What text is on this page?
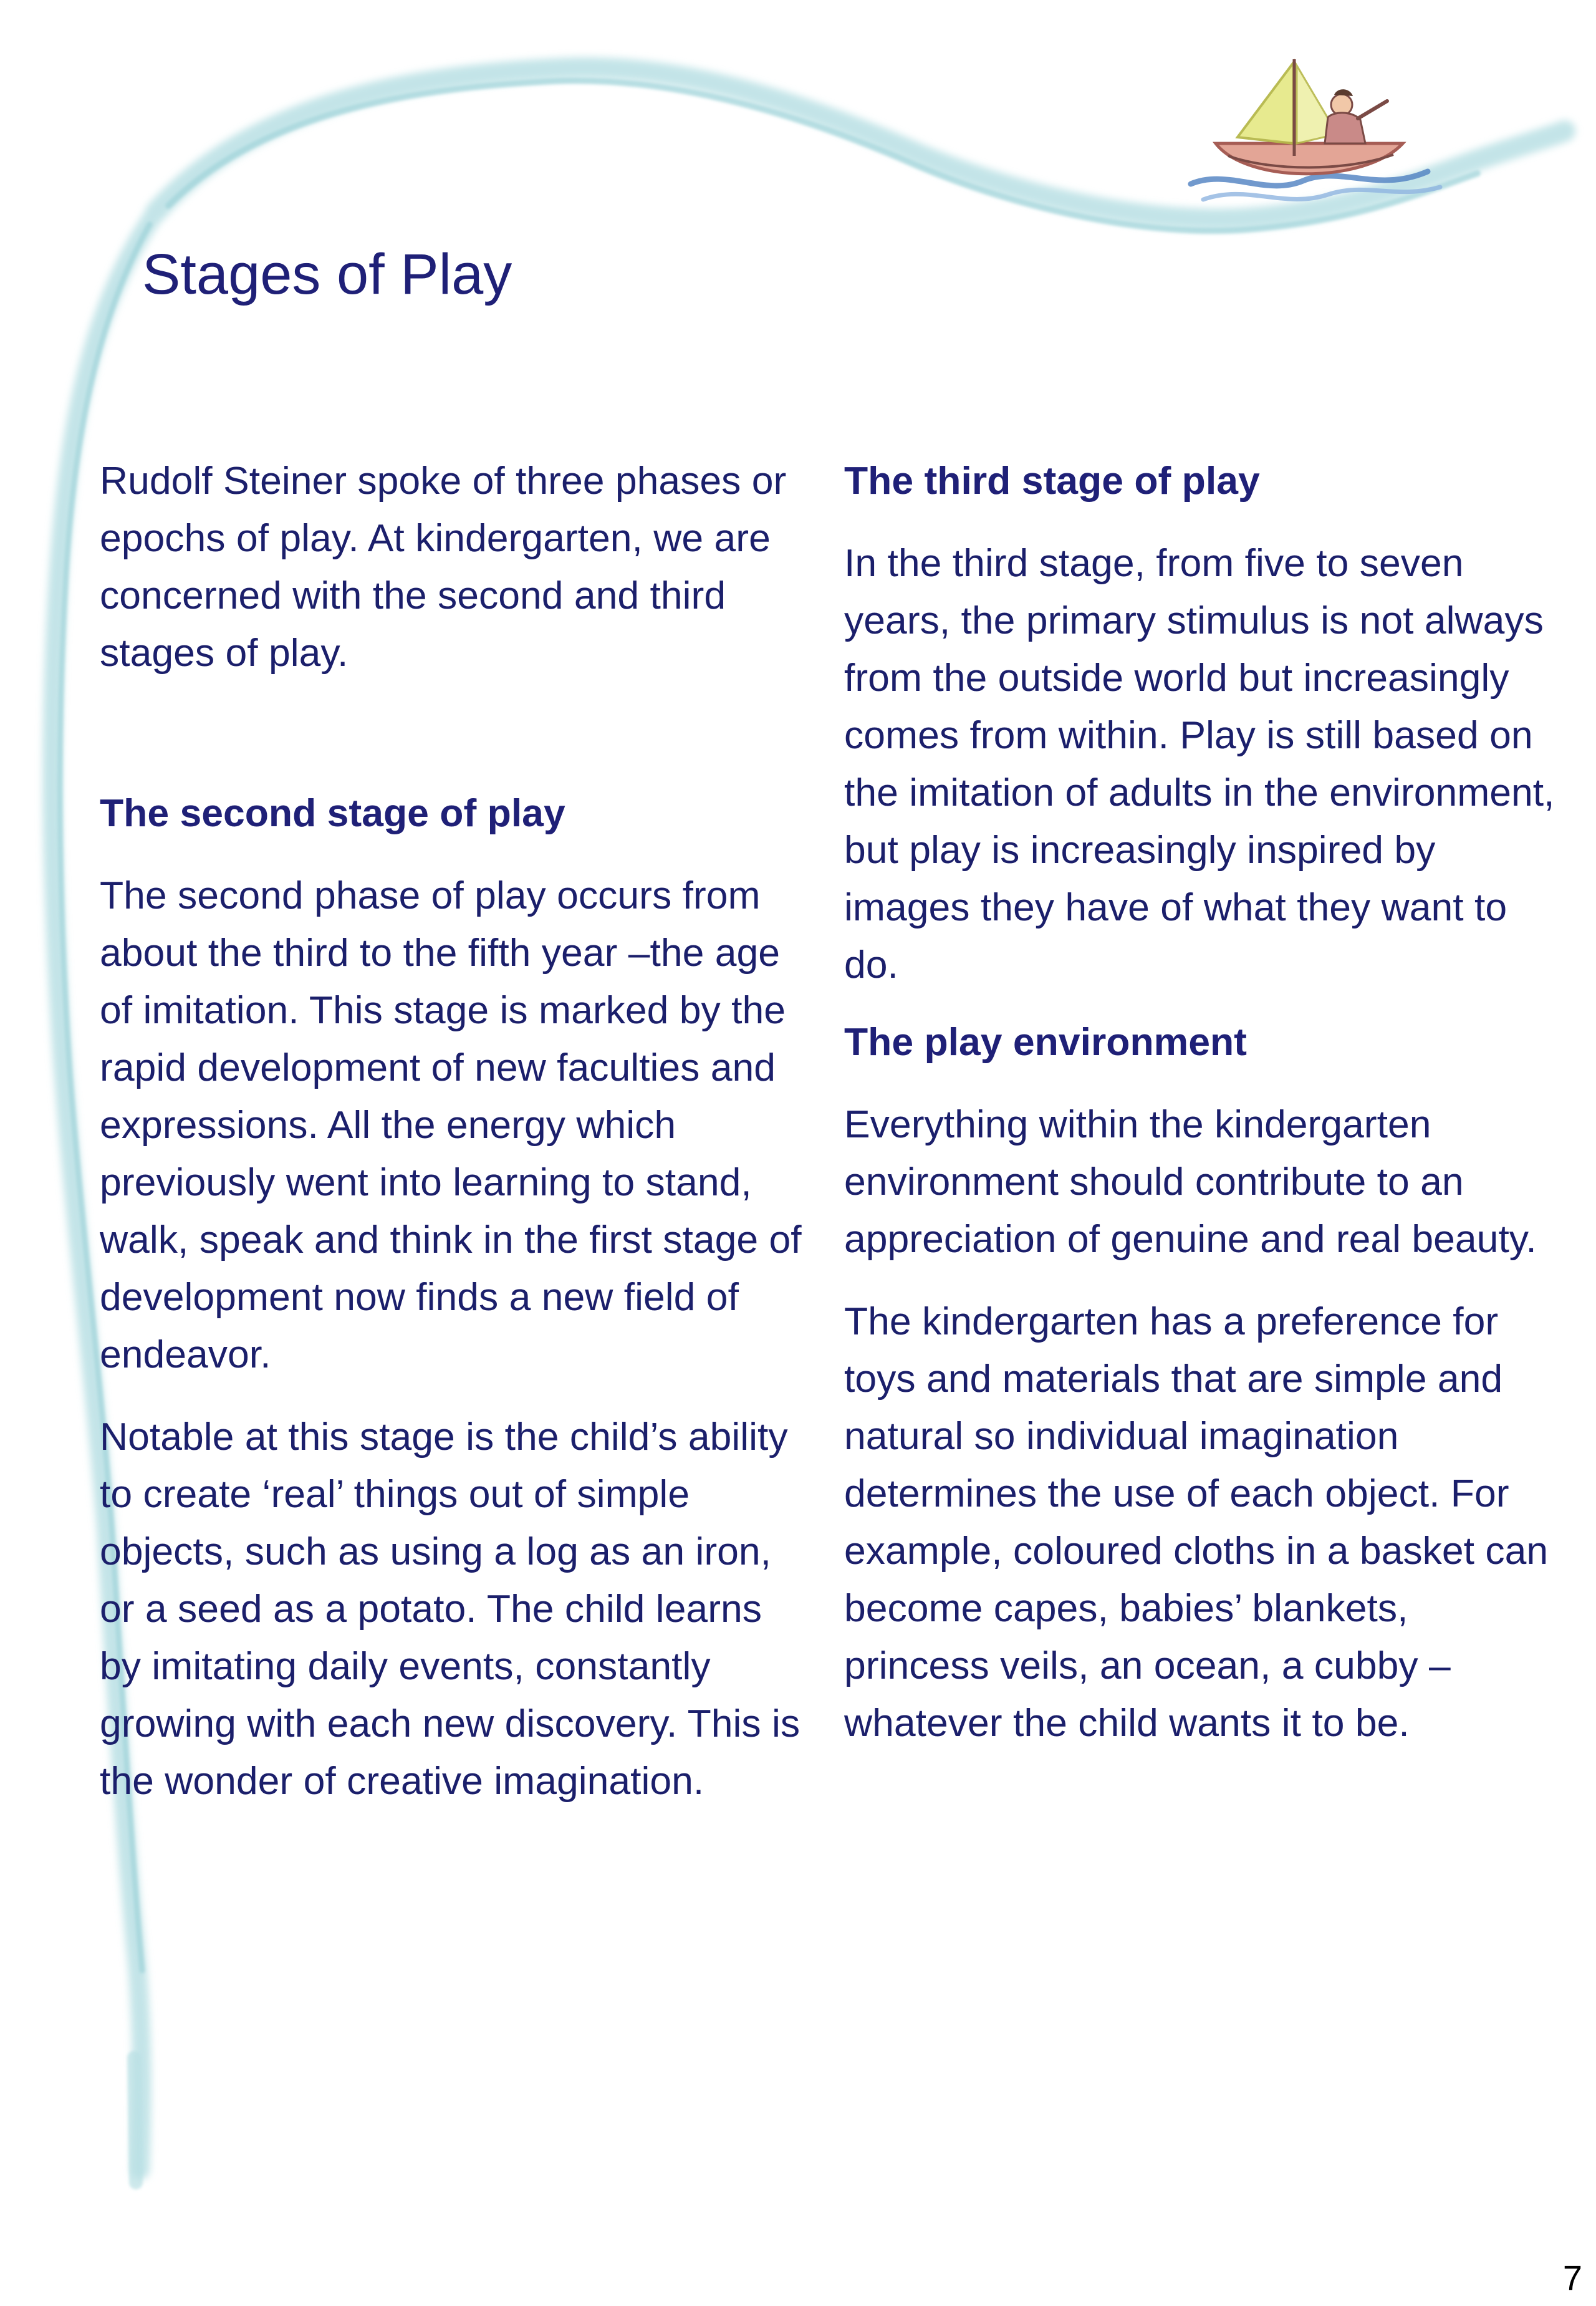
Stages of Play

Rudolf Steiner spoke of three phases or epochs of play. At kindergarten, we are concerned with the second and third stages of play.

The second stage of play

The second phase of play occurs from about the third to the fifth year –the age of imitation. This stage is marked by the rapid development of new faculties and expressions. All the energy which previously went into learning to stand, walk, speak and think in the first stage of development now finds a new field of endeavor.

Notable at this stage is the child’s ability to create ‘real’ things out of simple objects, such as using a log as an iron, or a seed as a potato. The child learns by imitating daily events, constantly growing with each new discovery. This is the wonder of creative imagination.

The third stage of play

In the third stage, from five to seven years, the primary stimulus is not always from the outside world but increasingly comes from within. Play is still based on the imitation of adults in the environment, but play is increasingly inspired by images they have of what they want to do.

The play environment

Everything within the kindergarten environment should contribute to an appreciation of genuine and real beauty.

The kindergarten has a preference for toys and materials that are simple and natural so individual imagination determines the use of each object. For example, coloured cloths in a basket can become capes, babies’ blankets, princess veils, an ocean, a cubby – whatever the child wants it to be.

7
